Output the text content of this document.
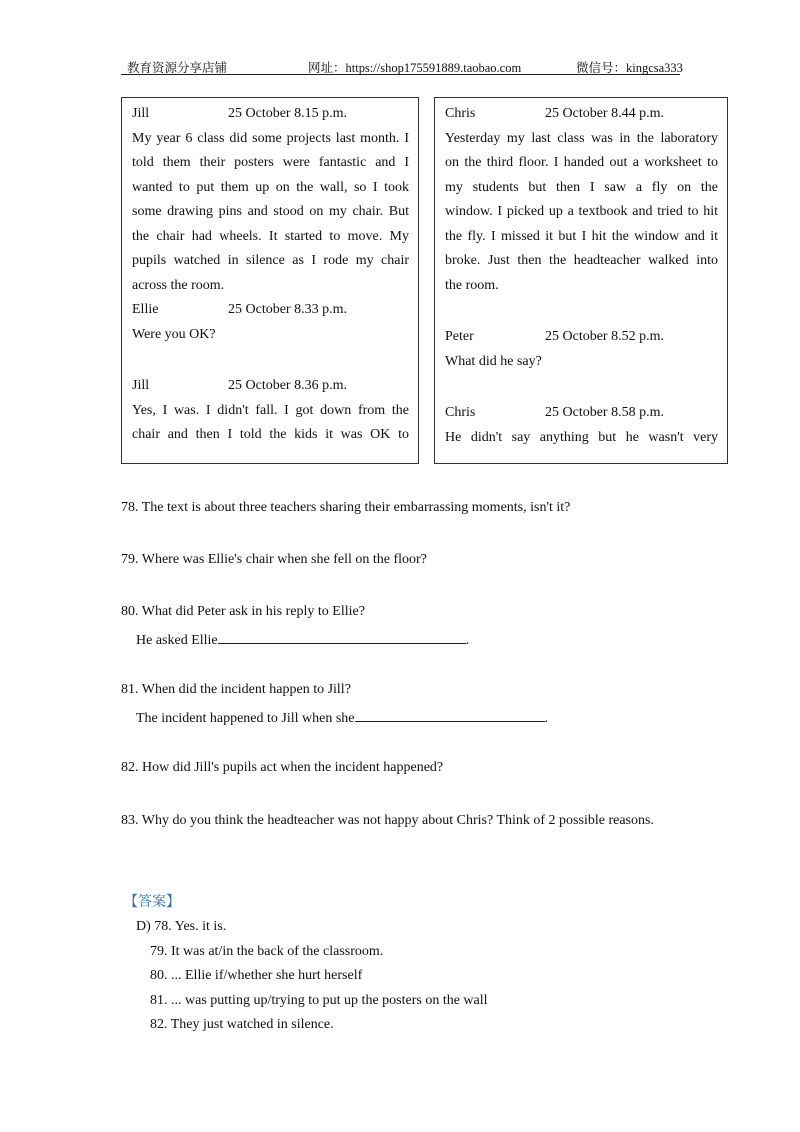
教育资源分享店铺	网址：https://shop175591889.taobao.com	微信号：kingcsa333
Jill	25 October 8.15 p.m.
My year 6 class did some projects last month. I
told them their posters were fantastic and I
wanted to put them up on the wall, so I took
some drawing pins and stood on my chair. But
the chair had wheels. It started to move. My
pupils watched in silence as I rode my chair
across the room.
Ellie	25 October 8.33 p.m.
Were you OK?
Jill	25 October 8.36 p.m.
Yes, I was. I didn't fall. I got down from the
chair and then I told the kids it was OK to
Chris	25 October 8.44 p.m.
Yesterday my last class was in the laboratory
on the third floor. I handed out a worksheet to
my students but then I saw a fly on the
window. I picked up a textbook and tried to hit
the fly. I missed it but I hit the window and it
broke. Just then the headteacher walked into
the room.
Peter	25 October 8.52 p.m.
What did he say?
Chris	25 October 8.58 p.m.
He didn't say anything but he wasn't very
78. The text is about three teachers sharing their embarrassing moments, isn't it?
79. Where was Ellie's chair when she fell on the floor?
80. What did Peter ask in his reply to Ellie?
He asked Ellie	.
81. When did the incident happen to Jill?
The incident happened to Jill when she	.
82. How did Jill's pupils act when the incident happened?
83. Why do you think the headteacher was not happy about Chris? Think of 2 possible reasons.
【答案】
D) 78. Yes. it is.
79. It was at/in the back of the classroom.
80. ... Ellie if/whether she hurt herself
81. ... was putting up/trying to put up the posters on the wall
82. They just watched in silence.
